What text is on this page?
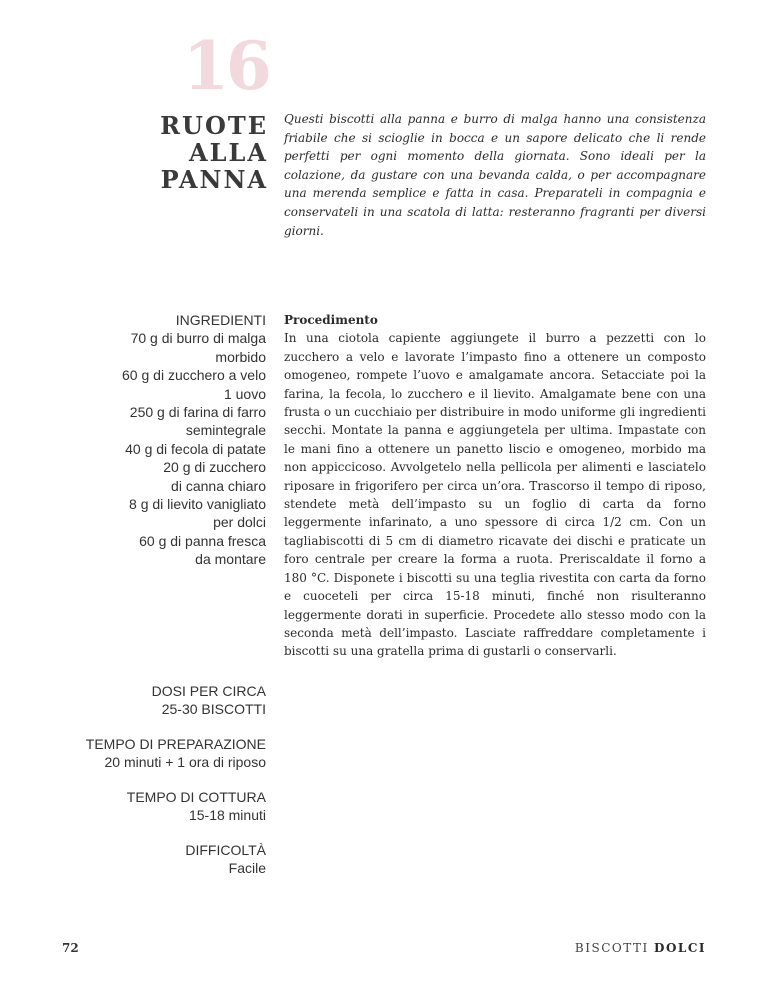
16
RUOTE
ALLA
PANNA

Questi biscotti alla panna e burro di malga hanno una consistenza friabile che si scioglie in bocca e un sapore delicato che li rende perfetti per ogni momento della giornata. Sono ideali per la colazione, da gustare con una bevanda calda, o per accompagnare una merenda semplice e fatta in casa. Preparateli in compagnia e conservateli in una scatola di latta: resteranno fragranti per diversi giorni.

INGREDIENTI
70 g di burro di malga
morbido
60 g di zucchero a velo
1 uovo
250 g di farina di farro
semintegrale
40 g di fecola di patate
20 g di zucchero
di canna chiaro
8 g di lievito vanigliato
per dolci
60 g di panna fresca
da montare

Procedimento

In una ciotola capiente aggiungete il burro a pezzetti con lo zucchero a velo e lavorate l’impasto fino a ottenere un composto omogeneo, rompete l’uovo e amalgamate ancora. Setacciate poi la farina, la fecola, lo zucchero e il lievito. Amalgamate bene con una frusta o un cucchiaio per distribuire in modo uniforme gli ingredienti secchi. Montate la panna e aggiungetela per ultima. Impastate con le mani fino a ottenere un panetto liscio e omogeneo, morbido ma non appiccicoso. Avvolgetelo nella pellicola per alimenti e lasciatelo riposare in frigorifero per circa un’ora. Trascorso il tempo di riposo, stendete metà dell’impasto su un foglio di carta da forno leggermente infarinato, a uno spessore di circa 1/2 cm. Con un tagliabiscotti di 5 cm di diametro ricavate dei dischi e praticate un foro centrale per creare la forma a ruota. Preriscaldate il forno a 180 °C. Disponete i biscotti su una teglia rivestita con carta da forno e cuoceteli per circa 15-18 minuti, finché non risulteranno leggermente dorati in superficie. Procedete allo stesso modo con la seconda metà dell’impasto. Lasciate raffreddare completamente i biscotti su una gratella prima di gustarli o conservarli.

DOSI PER CIRCA
25-30 BISCOTTI
TEMPO DI PREPARAZIONE
20 minuti + 1 ora di riposo
TEMPO DI COTTURA
15-18 minuti
DIFFICOLTÀ
Facile
72	BISCOTTI DOLCI
